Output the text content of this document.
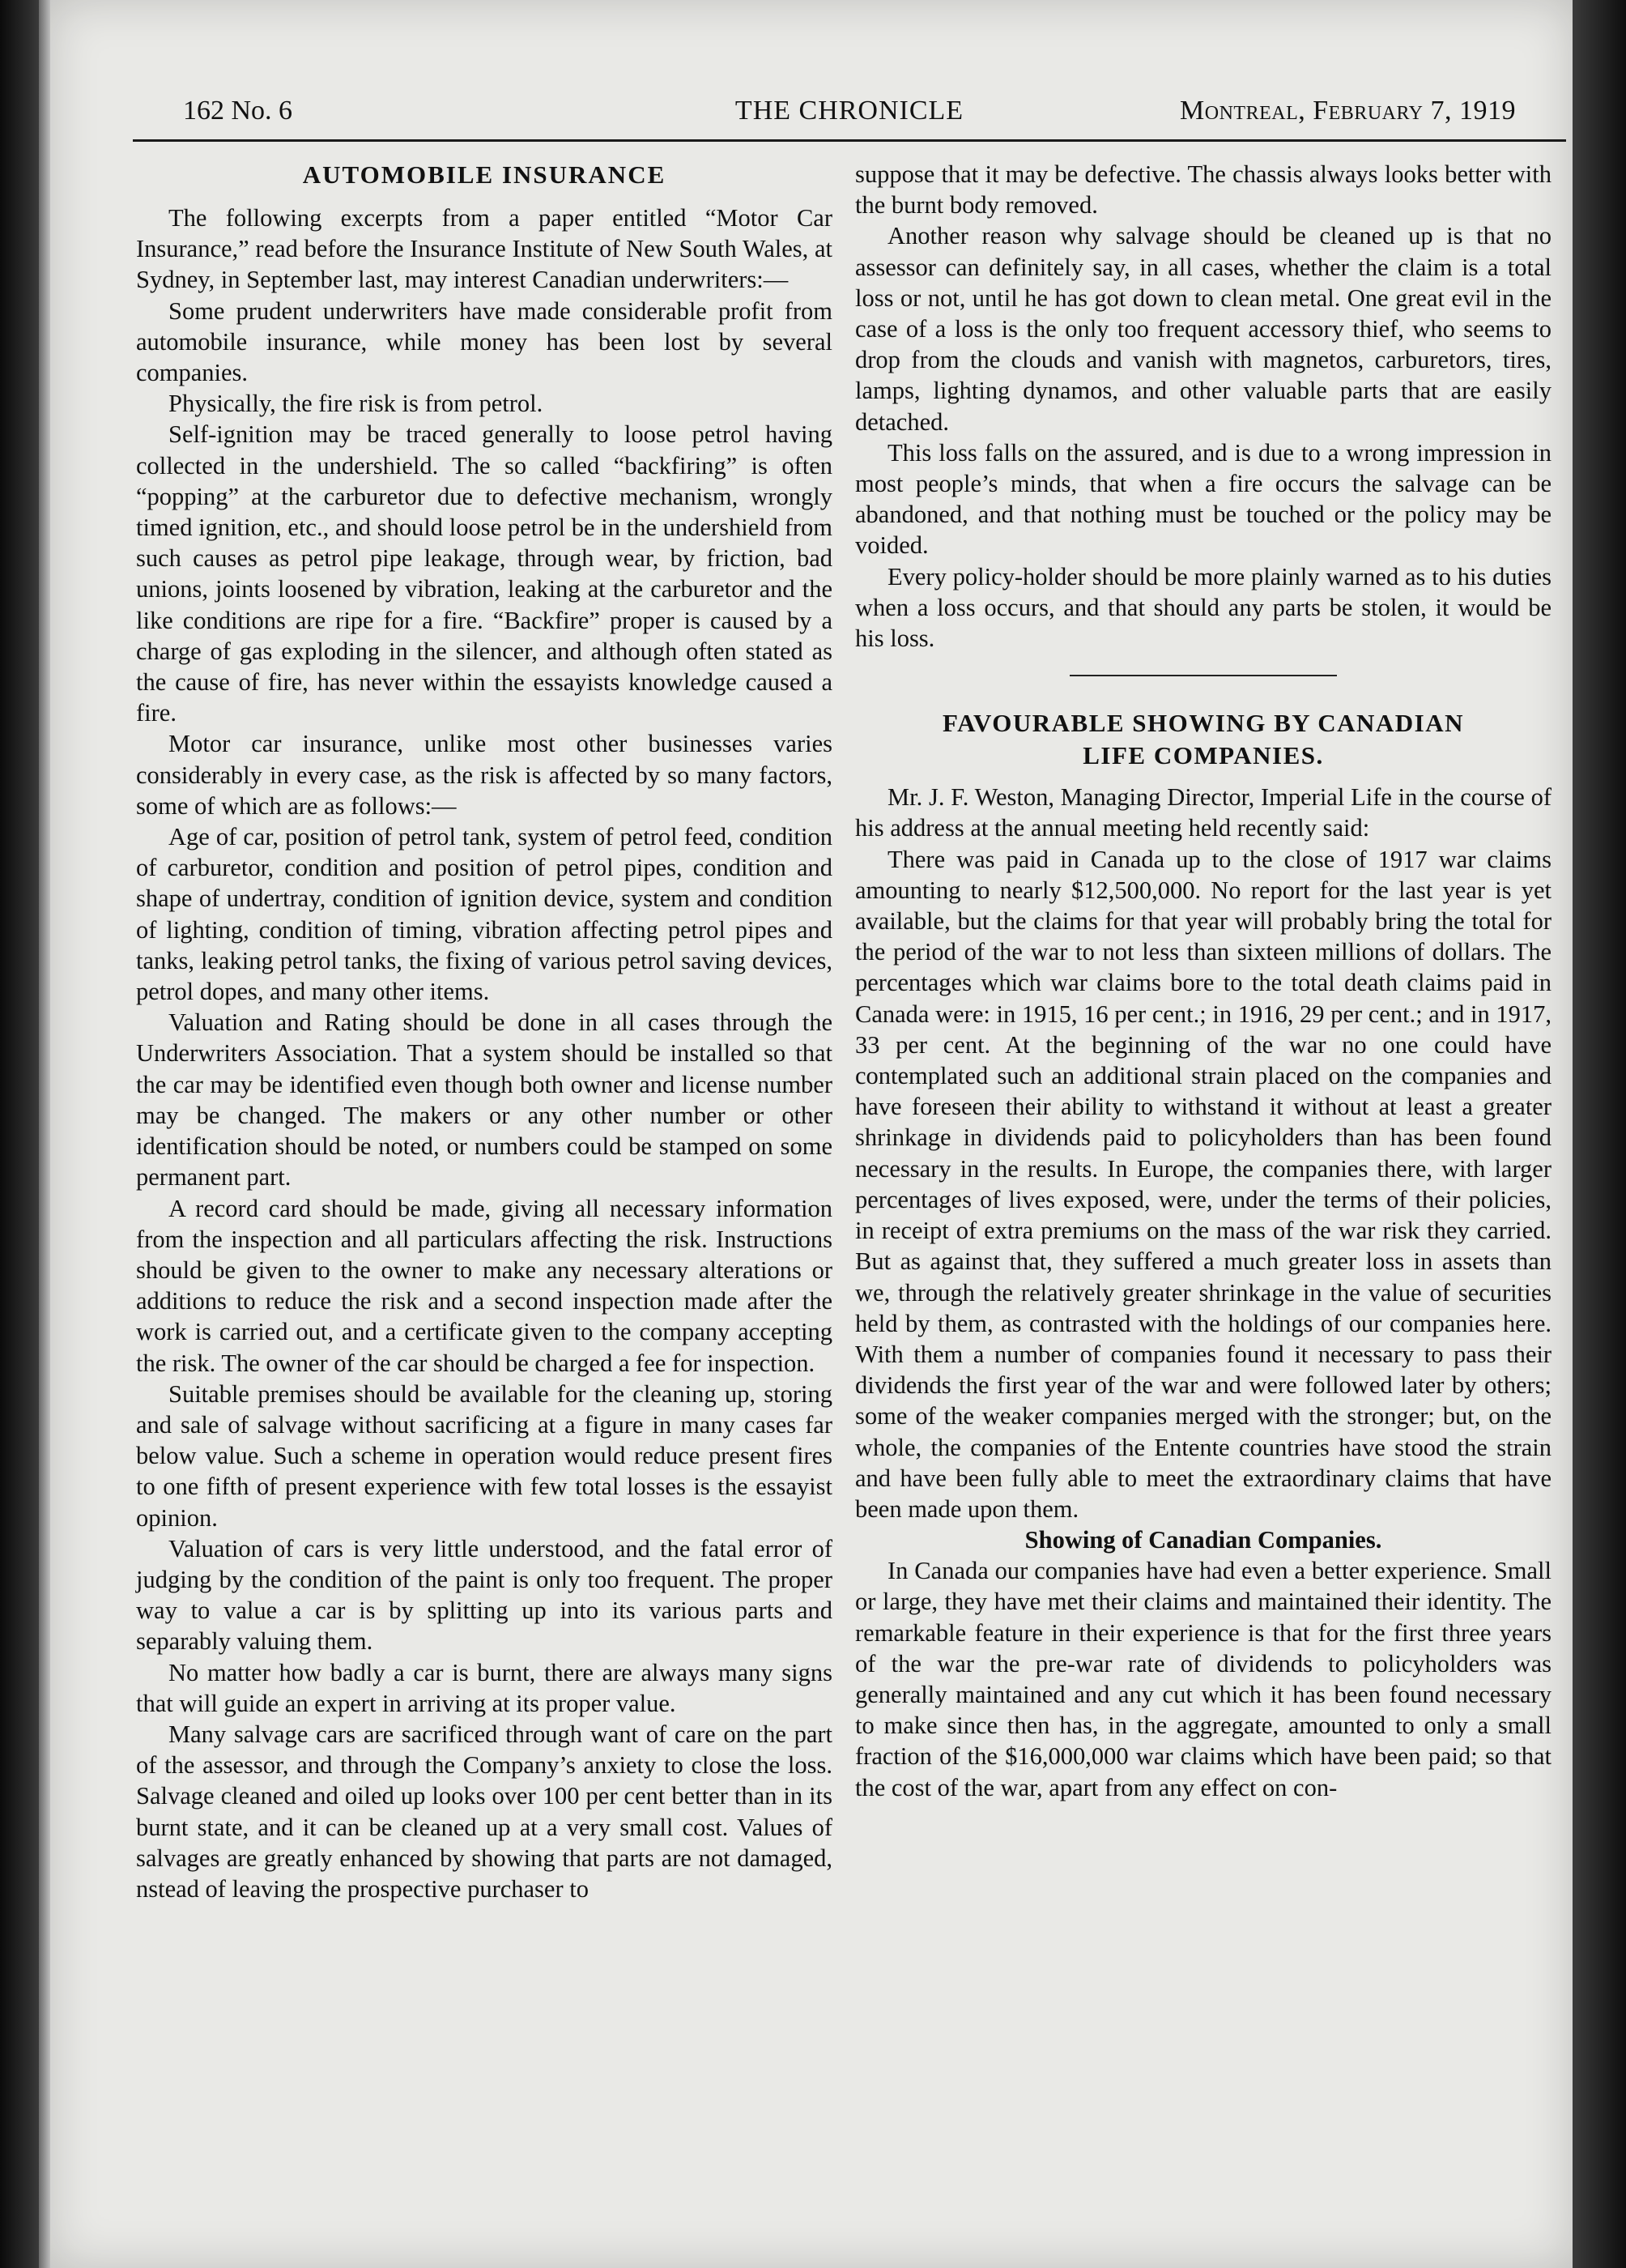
162 No. 6	THE CHRONICLE	Montreal, February 7, 1919
AUTOMOBILE INSURANCE

The following excerpts from a paper entitled “Motor Car Insurance,” read before the Insurance Institute of New South Wales, at Sydney, in September last, may interest Canadian underwriters:—

Some prudent underwriters have made considerable profit from automobile insurance, while money has been lost by several companies.

Physically, the fire risk is from petrol.

Self-ignition may be traced generally to loose petrol having collected in the undershield. The so called “backfiring” is often “popping” at the carburetor due to defective mechanism, wrongly timed ignition, etc., and should loose petrol be in the undershield from such causes as petrol pipe leakage, through wear, by friction, bad unions, joints loosened by vibration, leaking at the carburetor and the like conditions are ripe for a fire. “Backfire” proper is caused by a charge of gas exploding in the silencer, and although often stated as the cause of fire, has never within the essayists knowledge caused a fire.

Motor car insurance, unlike most other businesses varies considerably in every case, as the risk is affected by so many factors, some of which are as follows:—

Age of car, position of petrol tank, system of petrol feed, condition of carburetor, condition and position of petrol pipes, condition and shape of undertray, condition of ignition device, system and condition of lighting, condition of timing, vibration affecting petrol pipes and tanks, leaking petrol tanks, the fixing of various petrol saving devices, petrol dopes, and many other items.

Valuation and Rating should be done in all cases through the Underwriters Association. That a system should be installed so that the car may be identified even though both owner and license number may be changed. The makers or any other number or other identification should be noted, or numbers could be stamped on some permanent part.

A record card should be made, giving all necessary information from the inspection and all particulars affecting the risk. Instructions should be given to the owner to make any necessary alterations or additions to reduce the risk and a second inspection made after the work is carried out, and a certificate given to the company accepting the risk. The owner of the car should be charged a fee for inspection.

Suitable premises should be available for the cleaning up, storing and sale of salvage without sacrificing at a figure in many cases far below value. Such a scheme in operation would reduce present fires to one fifth of present experience with few total losses is the essayist opinion.

Valuation of cars is very little understood, and the fatal error of judging by the condition of the paint is only too frequent. The proper way to value a car is by splitting up into its various parts and separably valuing them.

No matter how badly a car is burnt, there are always many signs that will guide an expert in arriving at its proper value.

Many salvage cars are sacrificed through want of care on the part of the assessor, and through the Company’s anxiety to close the loss. Salvage cleaned and oiled up looks over 100 per cent better than in its burnt state, and it can be cleaned up at a very small cost. Values of salvages are greatly enhanced by showing that parts are not damaged, nstead of leaving the prospective purchaser to

suppose that it may be defective. The chassis always looks better with the burnt body removed.

Another reason why salvage should be cleaned up is that no assessor can definitely say, in all cases, whether the claim is a total loss or not, until he has got down to clean metal. One great evil in the case of a loss is the only too frequent accessory thief, who seems to drop from the clouds and vanish with magnetos, carburetors, tires, lamps, lighting dynamos, and other valuable parts that are easily detached.

This loss falls on the assured, and is due to a wrong impression in most people’s minds, that when a fire occurs the salvage can be abandoned, and that nothing must be touched or the policy may be voided.

Every policy-holder should be more plainly warned as to his duties when a loss occurs, and that should any parts be stolen, it would be his loss.

FAVOURABLE SHOWING BY CANADIAN
LIFE COMPANIES.

Mr. J. F. Weston, Managing Director, Imperial Life in the course of his address at the annual meeting held recently said:

There was paid in Canada up to the close of 1917 war claims amounting to nearly $12,500,000. No report for the last year is yet available, but the claims for that year will probably bring the total for the period of the war to not less than sixteen millions of dollars. The percentages which war claims bore to the total death claims paid in Canada were: in 1915, 16 per cent.; in 1916, 29 per cent.; and in 1917, 33 per cent. At the beginning of the war no one could have contemplated such an additional strain placed on the companies and have foreseen their ability to withstand it without at least a greater shrinkage in dividends paid to policyholders than has been found necessary in the results. In Europe, the companies there, with larger percentages of lives exposed, were, under the terms of their policies, in receipt of extra premiums on the mass of the war risk they carried. But as against that, they suffered a much greater loss in assets than we, through the relatively greater shrinkage in the value of securities held by them, as contrasted with the holdings of our companies here. With them a number of companies found it necessary to pass their dividends the first year of the war and were followed later by others; some of the weaker companies merged with the stronger; but, on the whole, the companies of the Entente countries have stood the strain and have been fully able to meet the extraordinary claims that have been made upon them.

Showing of Canadian Companies.

In Canada our companies have had even a better experience. Small or large, they have met their claims and maintained their identity. The remarkable feature in their experience is that for the first three years of the war the pre-war rate of dividends to policyholders was generally maintained and any cut which it has been found necessary to make since then has, in the aggregate, amounted to only a small fraction of the $16,000,000 war claims which have been paid; so that the cost of the war, apart from any effect on con-
